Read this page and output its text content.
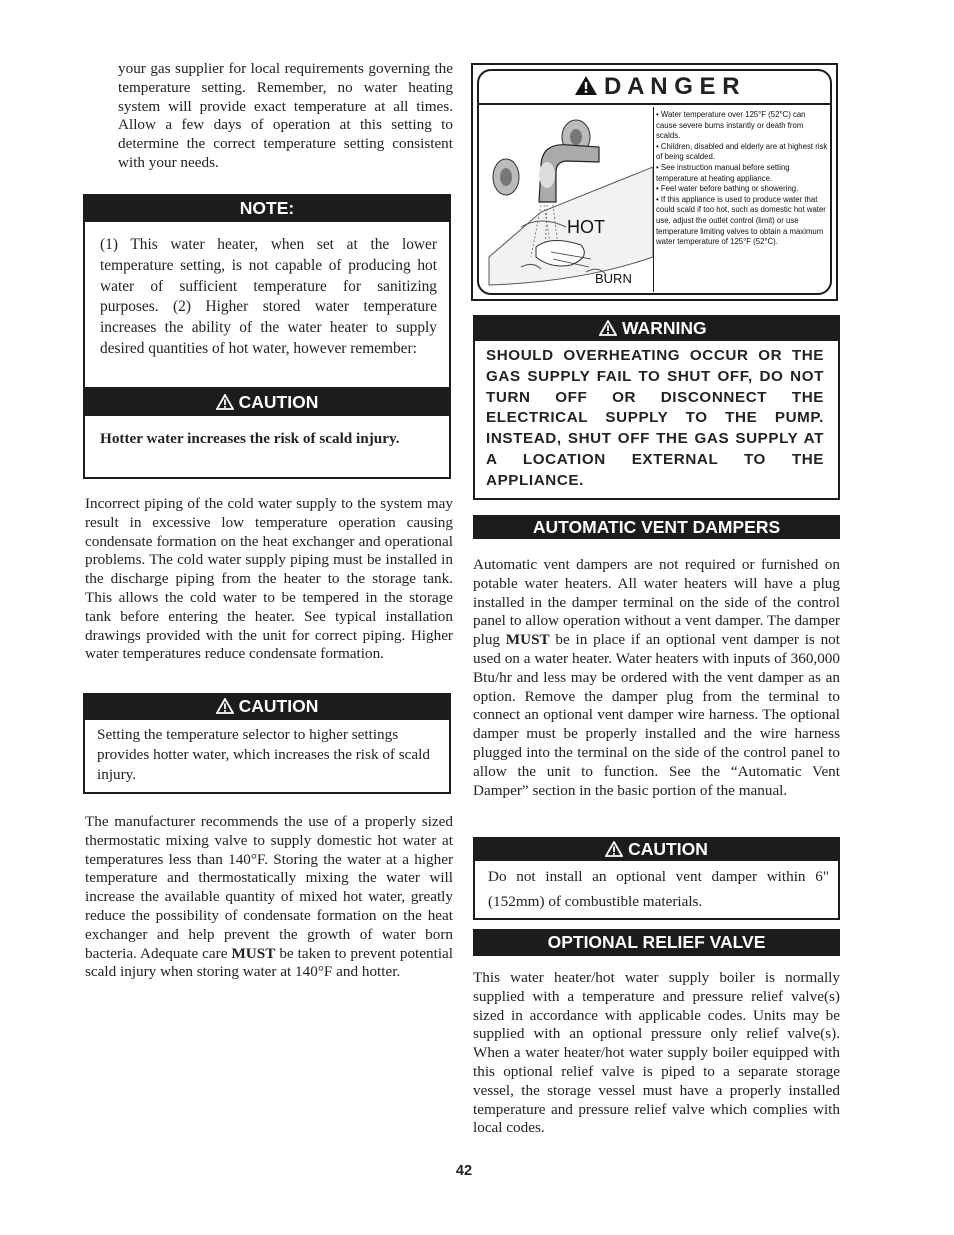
your gas supplier for local requirements governing the temperature setting. Remember, no water heating system will provide exact temperature at all times. Allow a few days of operation at this setting to determine the correct temperature setting consistent with your needs.
NOTE:
(1) This water heater, when set at the lower temperature setting, is not capable of producing hot water of sufficient temperature for sanitizing purposes. (2) Higher stored water temperature increases the ability of the water heater to supply desired quantities of hot water, however remember:
CAUTION
Hotter water increases the risk of scald injury.
Incorrect piping of the cold water supply to the system may result in excessive low temperature operation causing condensate formation on the heat exchanger and operational problems. The cold water supply piping must be installed in the discharge piping from the heater to the storage tank. This allows the cold water to be tempered in the storage tank before entering the heater. See typical installation drawings provided with the unit for correct piping. Higher water temperatures reduce condensate formation.
CAUTION
Setting the temperature selector to higher settings provides hotter water, which increases the risk of scald injury.
The manufacturer recommends the use of a properly sized thermostatic mixing valve to supply domestic hot water at temperatures less than 140°F. Storing the water at a higher temperature and thermostatically mixing the water will increase the available quantity of mixed hot water, greatly reduce the possibility of condensate formation on the heat exchanger and help prevent the growth of water born bacteria. Adequate care MUST be taken to prevent potential scald injury when storing water at 140°F and hotter.
D A N G E R
HOT
BURN
• Water temperature over 125°F (52°C) can cause severe burns instantly or death from scalds.
• Children, disabled and elderly are at highest risk of being scalded.
• See instruction manual before setting temperature at heating appliance.
• Feel water before bathing or showering.
• If this appliance is used to produce water that could scald if too hot, such as domestic hot water use, adjust the outlet control (limit) or use temperature limiting valves to obtain a maximum water temperature of 125°F (52°C).
WARNING
SHOULD OVERHEATING OCCUR OR THE GAS SUPPLY FAIL TO SHUT OFF, DO NOT TURN OFF OR DISCONNECT THE ELECTRICAL SUPPLY TO THE PUMP. INSTEAD, SHUT OFF THE GAS SUPPLY AT A LOCATION EXTERNAL TO THE APPLIANCE.
AUTOMATIC VENT DAMPERS
Automatic vent dampers are not required or furnished on potable water heaters. All water heaters will have a plug installed in the damper terminal on the side of the control panel to allow operation without a vent damper. The damper plug MUST be in place if an optional vent damper is not used on a water heater. Water heaters with inputs of 360,000 Btu/hr and less may be ordered with the vent damper as an option. Remove the damper plug from the terminal to connect an optional vent damper wire harness. The optional damper must be properly installed and the wire harness plugged into the terminal on the side of the control panel to allow the unit to function. See the “Automatic Vent Damper” section in the basic portion of the manual.
CAUTION
Do not install an optional vent damper within 6" (152mm) of combustible materials.
OPTIONAL RELIEF VALVE
This water heater/hot water supply boiler is normally supplied with a temperature and pressure relief valve(s) sized in accordance with applicable codes. Units may be supplied with an optional pressure only relief valve(s). When a water heater/hot water supply boiler equipped with this optional relief valve is piped to a separate storage vessel, the storage vessel must have a properly installed temperature and pressure relief valve which complies with local codes.
42
